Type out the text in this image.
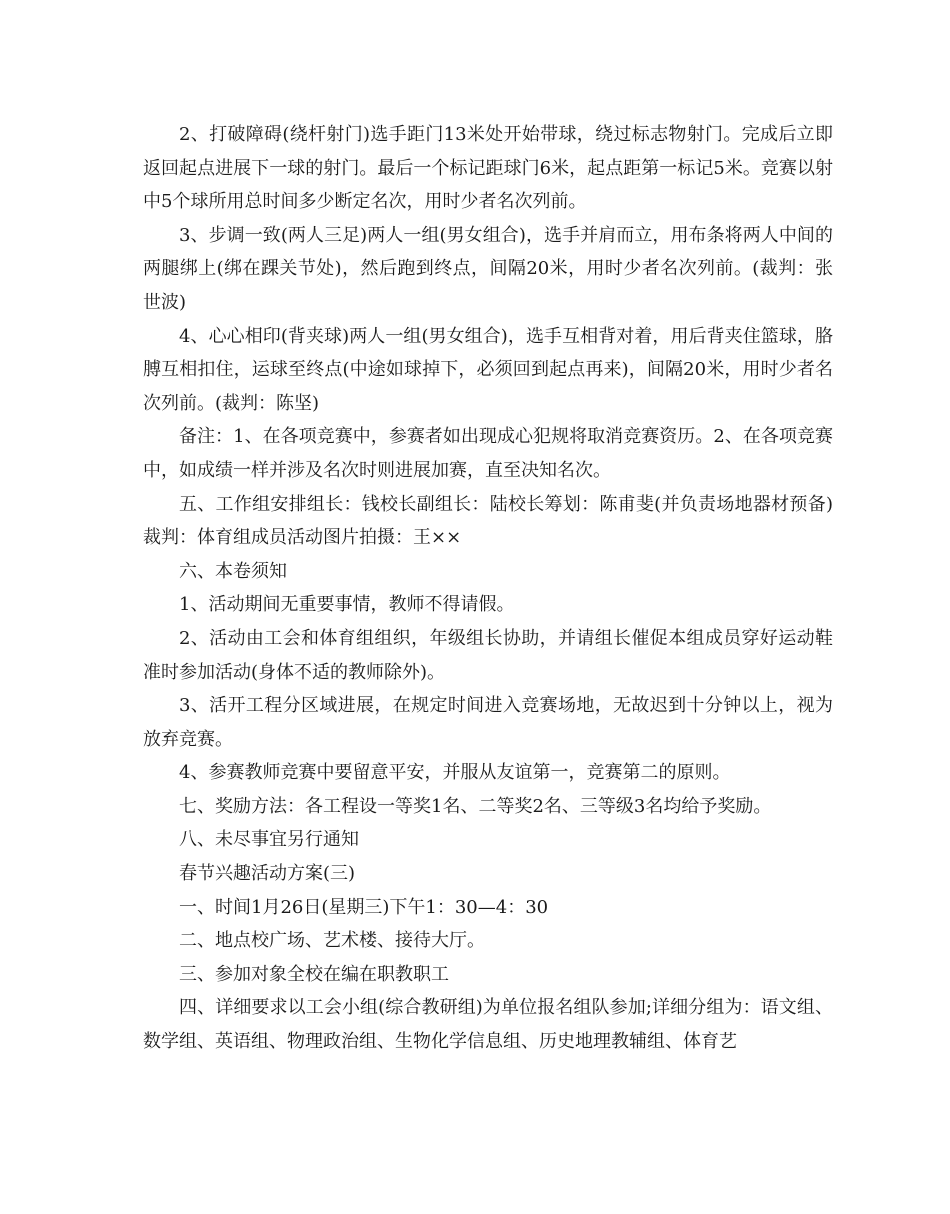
2、打破障碍(绕杆射门)选手距门13米处开始带球，绕过标志物射门。完成后立即返回起点进展下一球的射门。最后一个标记距球门6米，起点距第一标记5米。竞赛以射中5个球所用总时间多少断定名次，用时少者名次列前。

3、步调一致(两人三足)两人一组(男女组合)，选手并肩而立，用布条将两人中间的两腿绑上(绑在踝关节处)，然后跑到终点，间隔20米，用时少者名次列前。(裁判：张世波)

4、心心相印(背夹球)两人一组(男女组合)，选手互相背对着，用后背夹住篮球，胳膊互相扣住，运球至终点(中途如球掉下，必须回到起点再来)，间隔20米，用时少者名次列前。(裁判：陈坚)

备注：1、在各项竞赛中，参赛者如出现成心犯规将取消竞赛资历。2、在各项竞赛中，如成绩一样并涉及名次时则进展加赛，直至决知名次。

五、工作组安排组长：钱校长副组长：陆校长筹划：陈甫斐(并负责场地器材预备)裁判：体育组成员活动图片拍摄：王××

六、本卷须知

1、活动期间无重要事情，教师不得请假。

2、活动由工会和体育组组织，年级组长协助，并请组长催促本组成员穿好运动鞋准时参加活动(身体不适的教师除外)。

3、活开工程分区域进展，在规定时间进入竞赛场地，无故迟到十分钟以上，视为放弃竞赛。

4、参赛教师竞赛中要留意平安，并服从友谊第一，竞赛第二的原则。

七、奖励方法：各工程设一等奖1名、二等奖2名、三等级3名均给予奖励。

八、未尽事宜另行通知

春节兴趣活动方案(三)

一、时间1月26日(星期三)下午1：30—4：30

二、地点校广场、艺术楼、接待大厅。

三、参加对象全校在编在职教职工

四、详细要求以工会小组(综合教研组)为单位报名组队参加;详细分组为：语文组、数学组、英语组、物理政治组、生物化学信息组、历史地理教辅组、体育艺
